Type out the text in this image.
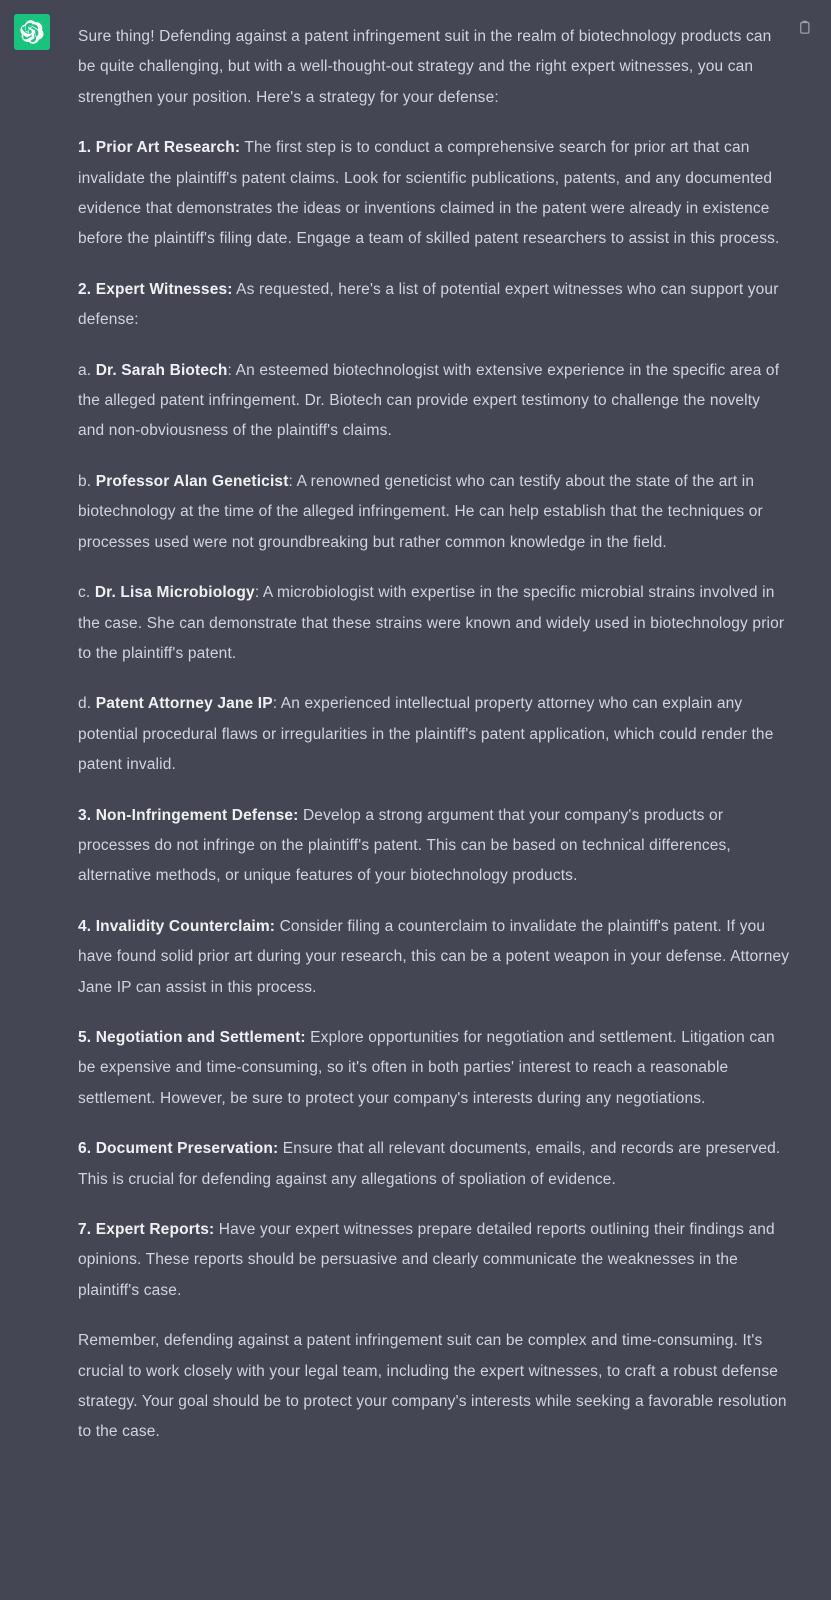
Sure thing! Defending against a patent infringement suit in the realm of biotechnology products can be quite challenging, but with a well-thought-out strategy and the right expert witnesses, you can strengthen your position. Here's a strategy for your defense:

1. Prior Art Research: The first step is to conduct a comprehensive search for prior art that can invalidate the plaintiff's patent claims. Look for scientific publications, patents, and any documented evidence that demonstrates the ideas or inventions claimed in the patent were already in existence before the plaintiff's filing date. Engage a team of skilled patent researchers to assist in this process.

2. Expert Witnesses: As requested, here's a list of potential expert witnesses who can support your defense:

a. Dr. Sarah Biotech: An esteemed biotechnologist with extensive experience in the specific area of the alleged patent infringement. Dr. Biotech can provide expert testimony to challenge the novelty and non-obviousness of the plaintiff's claims.

b. Professor Alan Geneticist: A renowned geneticist who can testify about the state of the art in biotechnology at the time of the alleged infringement. He can help establish that the techniques or processes used were not groundbreaking but rather common knowledge in the field.

c. Dr. Lisa Microbiology: A microbiologist with expertise in the specific microbial strains involved in the case. She can demonstrate that these strains were known and widely used in biotechnology prior to the plaintiff's patent.

d. Patent Attorney Jane IP: An experienced intellectual property attorney who can explain any potential procedural flaws or irregularities in the plaintiff's patent application, which could render the patent invalid.

3. Non-Infringement Defense: Develop a strong argument that your company's products or processes do not infringe on the plaintiff's patent. This can be based on technical differences, alternative methods, or unique features of your biotechnology products.

4. Invalidity Counterclaim: Consider filing a counterclaim to invalidate the plaintiff's patent. If you have found solid prior art during your research, this can be a potent weapon in your defense. Attorney Jane IP can assist in this process.

5. Negotiation and Settlement: Explore opportunities for negotiation and settlement. Litigation can be expensive and time-consuming, so it's often in both parties' interest to reach a reasonable settlement. However, be sure to protect your company's interests during any negotiations.

6. Document Preservation: Ensure that all relevant documents, emails, and records are preserved. This is crucial for defending against any allegations of spoliation of evidence.

7. Expert Reports: Have your expert witnesses prepare detailed reports outlining their findings and opinions. These reports should be persuasive and clearly communicate the weaknesses in the plaintiff's case.

Remember, defending against a patent infringement suit can be complex and time-consuming. It's crucial to work closely with your legal team, including the expert witnesses, to craft a robust defense strategy. Your goal should be to protect your company's interests while seeking a favorable resolution to the case.
